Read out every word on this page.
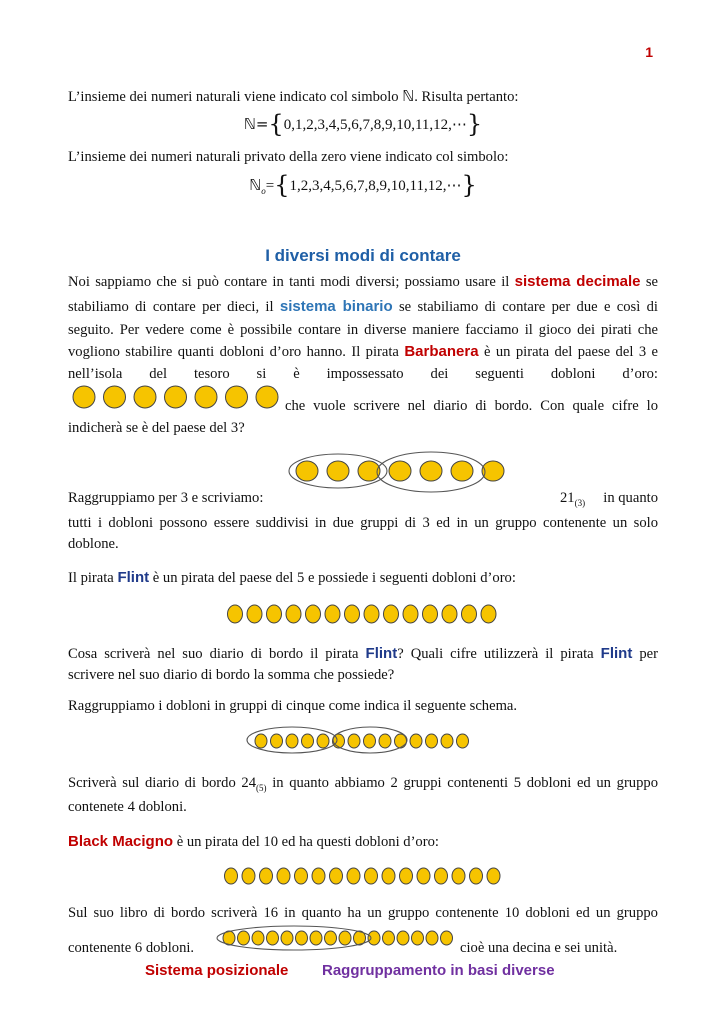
1
L’insieme dei numeri naturali viene indicato col simbolo ℕ. Risulta pertanto:
ℕ={0,1,2,3,4,5,6,7,8,9,10,11,12,⋯}
L’insieme dei numeri naturali privato della zero viene indicato col simbolo:
ℕ$_o$={1,2,3,4,5,6,7,8,9,10,11,12,⋯}
I diversi modi di contare
Noi sappiamo che si può contare in tanti modi diversi; possiamo usare il sistema decimale se
stabiliamo di contare per dieci, il sistema binario se stabiliamo di contare per due e così di
seguito. Per vedere come è possibile contare in diverse maniere facciamo il gioco dei pirati che
vogliono stabilire quanti dobloni d’oro hanno. Il pirata Barbanera è un pirata del paese del 3 e
nell’isola del tesoro si è impossessato dei seguenti dobloni d’oro:
che vuole scrivere nel diario di bordo. Con quale cifre lo
indicherà se è del paese del 3?
Raggruppiamo per 3 e scriviamo:	$21_{(3)}$	in quanto
tutti i dobloni possono essere suddivisi in due gruppi di 3 ed in un gruppo contenente un solo
doblone.
Il pirata Flint è un pirata del paese del 5 e possiede i seguenti dobloni d’oro:
Cosa scriverà nel suo diario di bordo il pirata Flint? Quali cifre utilizzerà il pirata Flint per
scrivere nel suo diario di bordo la somma che possiede?
Raggruppiamo i dobloni in gruppi di cinque come indica il seguente schema.
Scriverà sul diario di bordo $24_{(5)}$ in quanto abbiamo 2 gruppi contenenti 5 dobloni ed un gruppo
contenete 4 dobloni.
Black Macigno è un pirata del 10 ed ha questi dobloni d’oro:
Sul suo libro di bordo scriverà 16 in quanto ha un gruppo contenente 10 dobloni ed un gruppo
contenente 6 dobloni.	cioè una decina e sei unità.
Sistema posizionale Raggruppamento in basi diverse
